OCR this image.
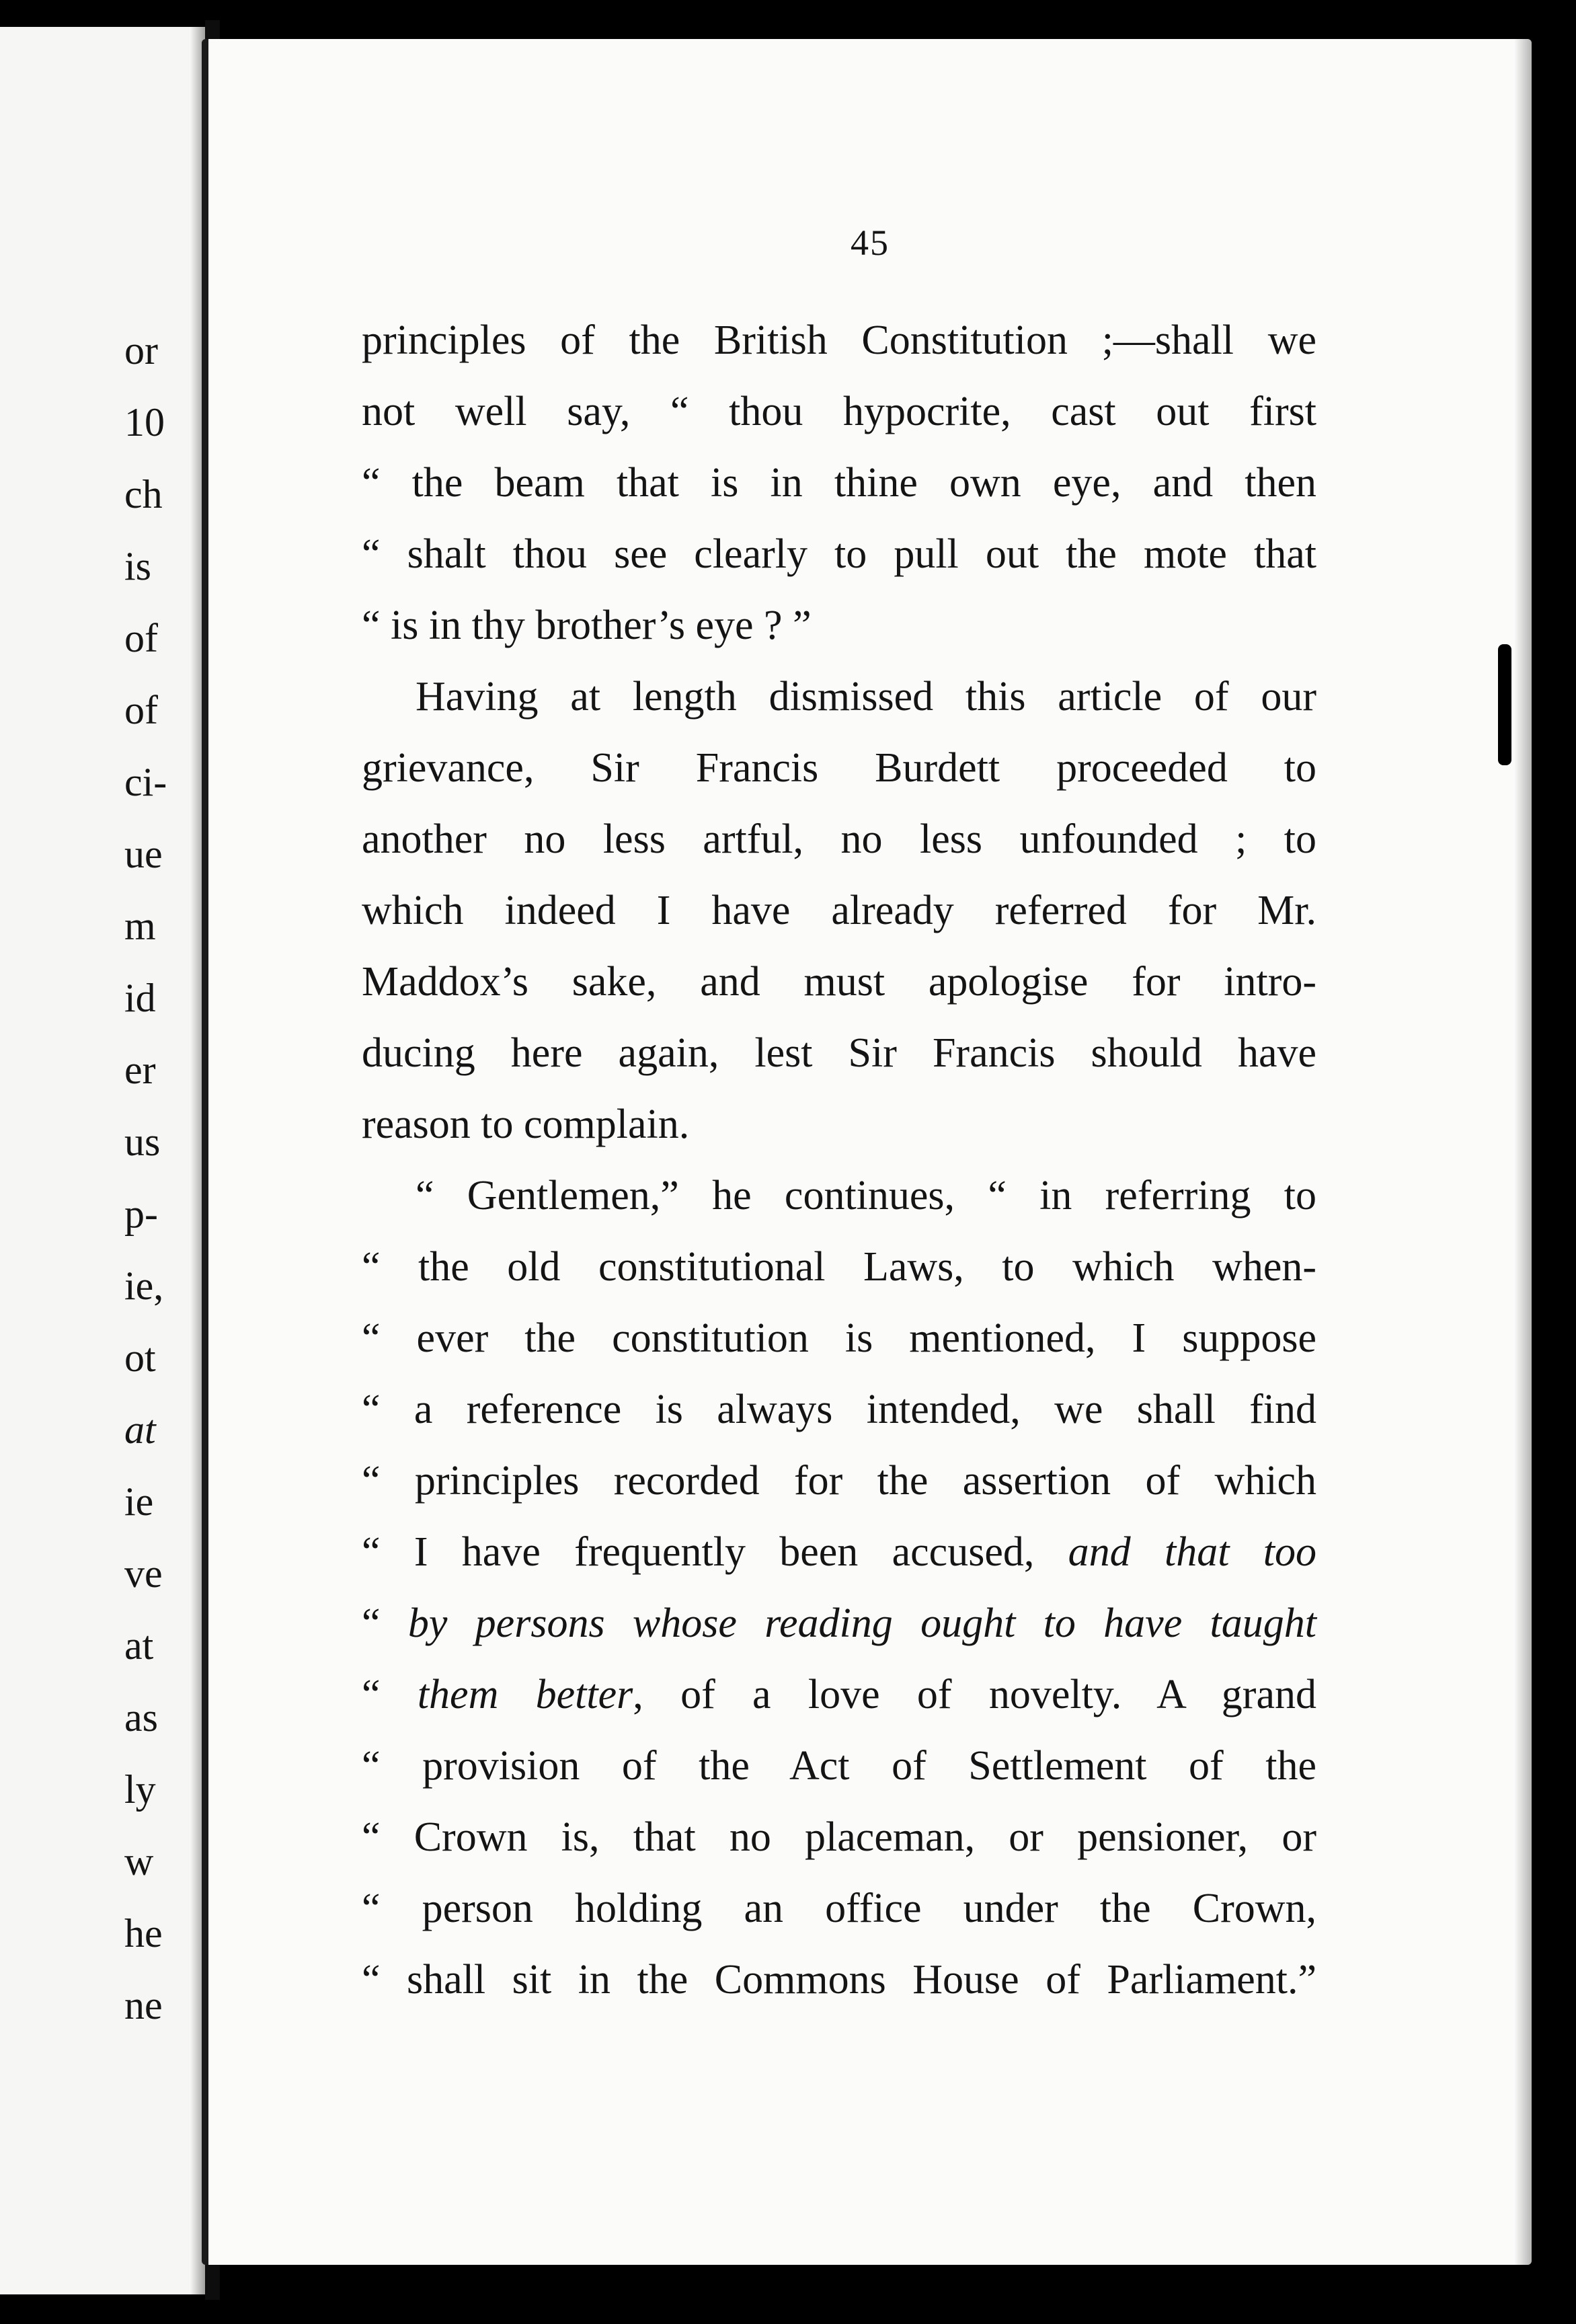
or
10
ch
is
of
of
ci-
ue
m
id
er
us
p-
ie,
ot
at
ie
ve
at
as
ly
w
he
ne
45
principles of the British Constitution ;—shall we
not well say, “ thou hypocrite, cast out first
“ the beam that is in thine own eye, and then
“ shalt thou see clearly to pull out the mote that
“ is in thy brother’s eye ? ”
Having at length dismissed this article of our
grievance, Sir Francis Burdett proceeded to
another no less artful, no less unfounded ; to
which indeed I have already referred for Mr.
Maddox’s sake, and must apologise for intro-
ducing here again, lest Sir Francis should have
reason to complain.
“ Gentlemen,” he continues, “ in referring to
“ the old constitutional Laws, to which when-
“ ever the constitution is mentioned, I suppose
“ a reference is always intended, we shall find
“ principles recorded for the assertion of which
“ I have frequently been accused, and that too
“ by persons whose reading ought to have taught
“ them better, of a love of novelty. A grand
“ provision of the Act of Settlement of the
“ Crown is, that no placeman, or pensioner, or
“ person holding an office under the Crown,
“ shall sit in the Commons House of Parliament.”
